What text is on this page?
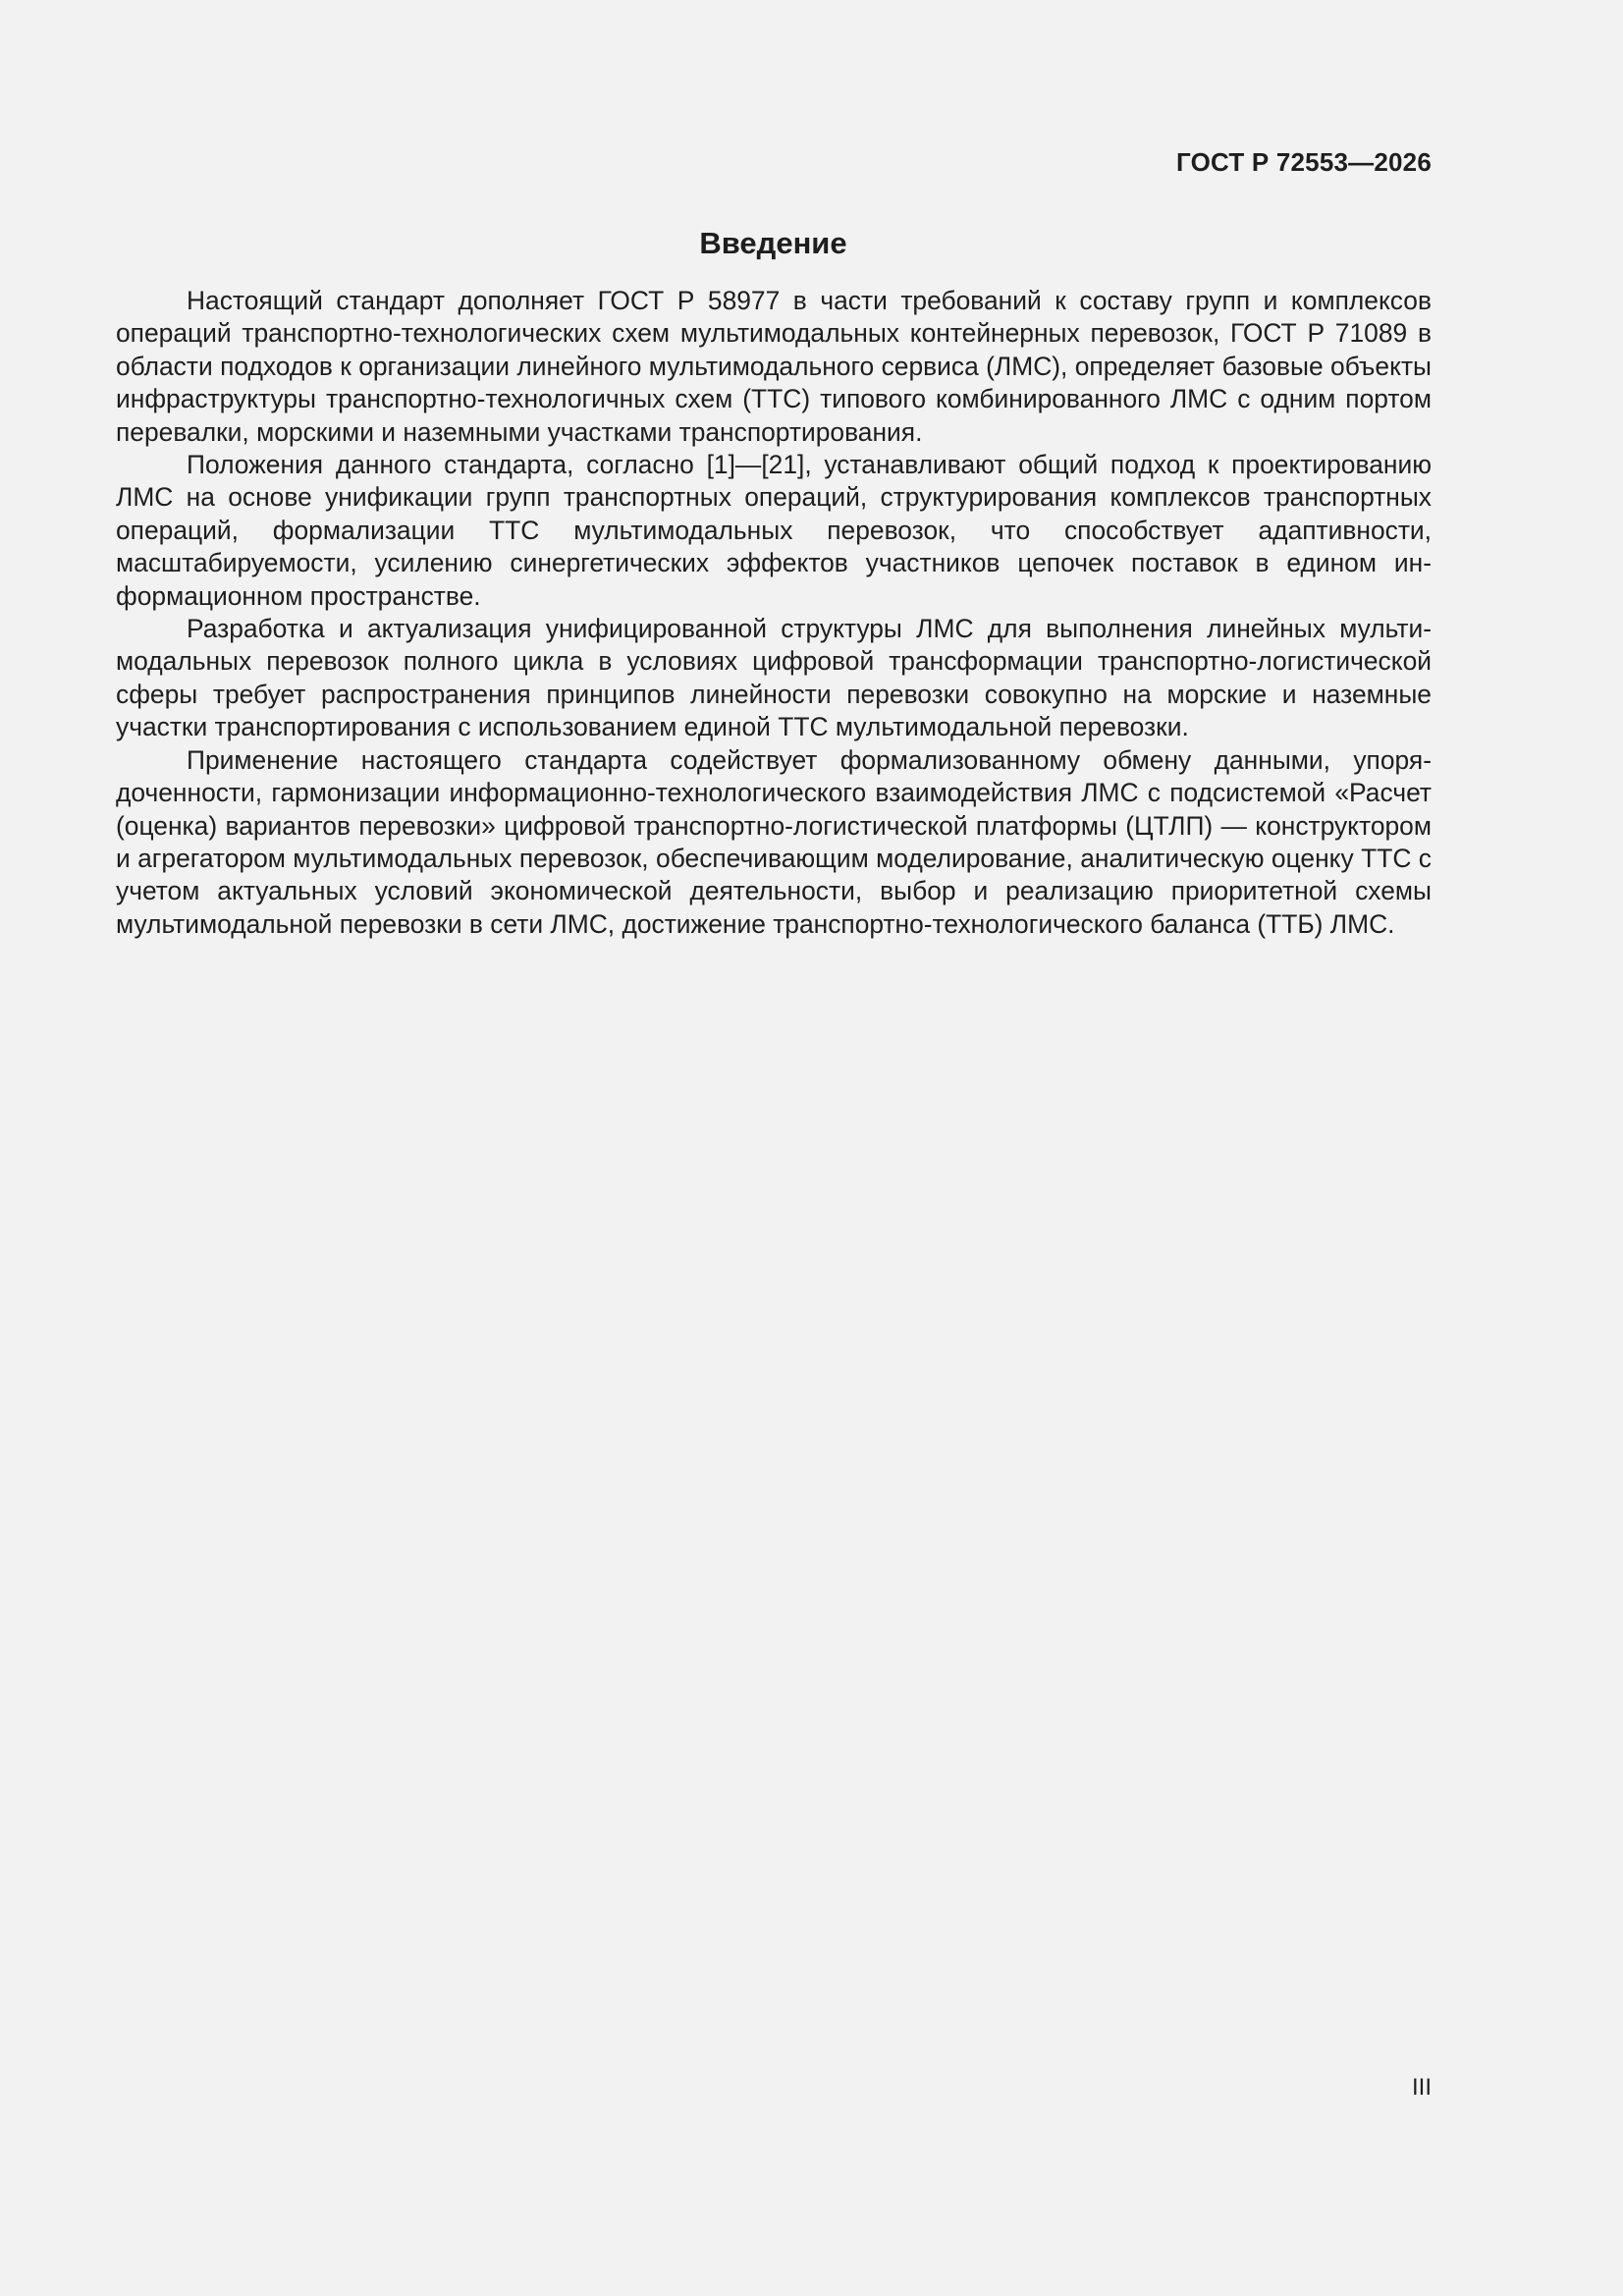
ГОСТ Р 72553—2026
Введение

Настоящий стандарт дополняет ГОСТ Р 58977 в части требований к составу групп и комплексов операций транспортно-технологических схем мультимодальных контейнерных перевозок, ГОСТ Р 71089 в области подходов к организации линейного мультимодального сервиса (ЛМС), определяет базовые объекты инфраструктуры транспортно-технологичных схем (ТТС) типового комбинированного ЛМС с одним портом перевалки, морскими и наземными участками транспортирования.

Положения данного стандарта, согласно [1]—[21], устанавливают общий подход к проектированию ЛМС на основе унификации групп транспортных операций, структурирования комплексов транспортных операций, формализации ТТС мультимодальных перевозок, что способствует адаптивности, масштабируемости, усилению синергетических эффектов участников цепочек поставок в едином информационном пространстве.

Разработка и актуализация унифицированной структуры ЛМС для выполнения линейных мультимодальных перевозок полного цикла в условиях цифровой трансформации транспортно-логистической сферы требует распространения принципов линейности перевозки совокупно на морские и наземные участки транспортирования с использованием единой ТТС мультимодальной перевозки.

Применение настоящего стандарта содействует формализованному обмену данными, упорядоченности, гармонизации информационно-технологического взаимодействия ЛМС с подсистемой «Расчет (оценка) вариантов перевозки» цифровой транспортно-логистической платформы (ЦТЛП) — конструктором и агрегатором мультимодальных перевозок, обеспечивающим моделирование, аналитическую оценку ТТС с учетом актуальных условий экономической деятельности, выбор и реализацию приоритетной схемы мультимодальной перевозки в сети ЛМС, достижение транспортно-технологического баланса (ТТБ) ЛМС.

III
